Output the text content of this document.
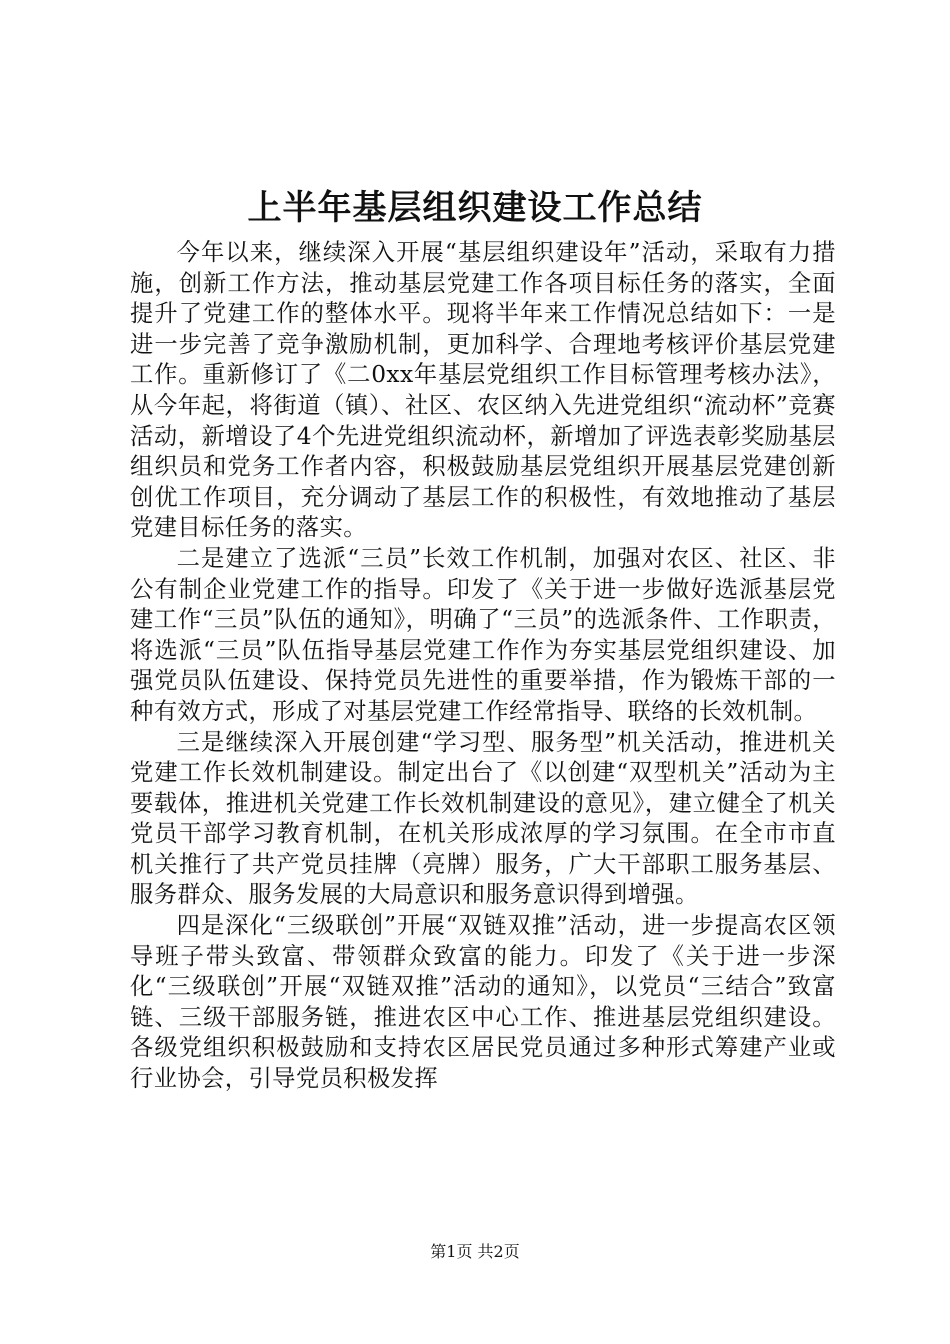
上半年基层组织建设工作总结

今年以来，继续深入开展“基层组织建设年”活动，采取有力措施，创新工作方法，推动基层党建工作各项目标任务的落实，全面提升了党建工作的整体水平。现将半年来工作情况总结如下：一是进一步完善了竞争激励机制，更加科学、合理地考核评价基层党建工作。重新修订了《二0xx年基层党组织工作目标管理考核办法》，从今年起，将街道（镇）、社区、农区纳入先进党组织“流动杯”竞赛活动，新增设了4个先进党组织流动杯，新增加了评选表彰奖励基层组织员和党务工作者内容，积极鼓励基层党组织开展基层党建创新创优工作项目，充分调动了基层工作的积极性，有效地推动了基层党建目标任务的落实。

二是建立了选派“三员”长效工作机制，加强对农区、社区、非公有制企业党建工作的指导。印发了《关于进一步做好选派基层党建工作“三员”队伍的通知》，明确了“三员”的选派条件、工作职责，将选派“三员”队伍指导基层党建工作作为夯实基层党组织建设、加强党员队伍建设、保持党员先进性的重要举措，作为锻炼干部的一种有效方式，形成了对基层党建工作经常指导、联络的长效机制。

三是继续深入开展创建“学习型、服务型”机关活动，推进机关党建工作长效机制建设。制定出台了《以创建“双型机关”活动为主要载体，推进机关党建工作长效机制建设的意见》，建立健全了机关党员干部学习教育机制，在机关形成浓厚的学习氛围。在全市市直机关推行了共产党员挂牌（亮牌）服务，广大干部职工服务基层、服务群众、服务发展的大局意识和服务意识得到增强。

四是深化“三级联创”开展“双链双推”活动，进一步提高农区领导班子带头致富、带领群众致富的能力。印发了《关于进一步深化“三级联创”开展“双链双推”活动的通知》，以党员“三结合”致富链、三级干部服务链，推进农区中心工作、推进基层党组织建设。各级党组织积极鼓励和支持农区居民党员通过多种形式筹建产业或行业协会，引导党员积极发挥

第1页 共2页
